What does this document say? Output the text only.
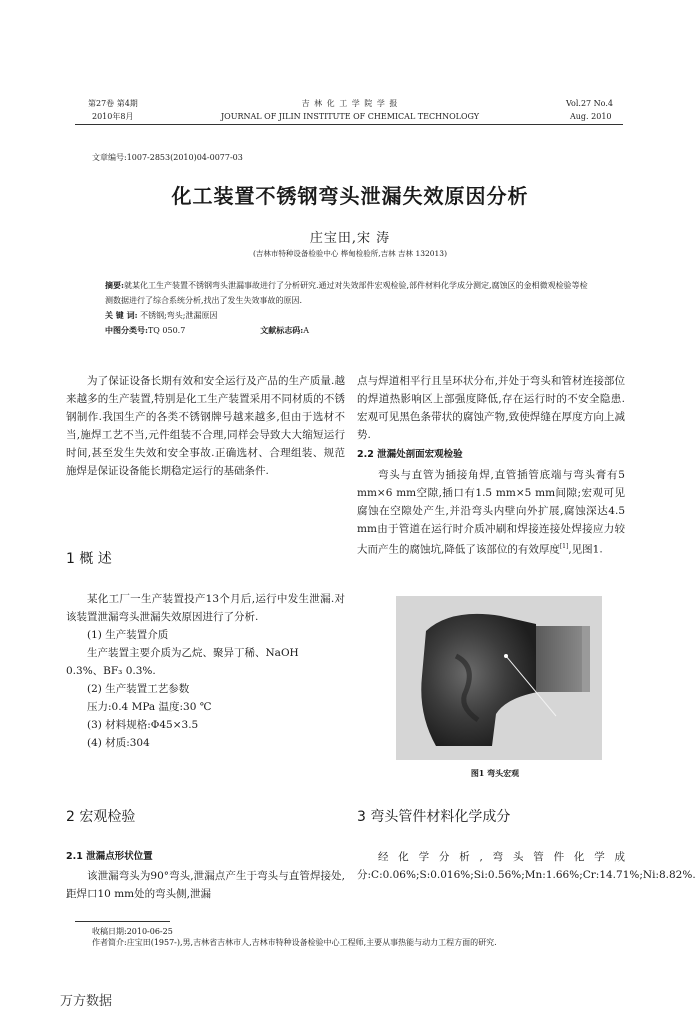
第27卷 第4期
2010年8月
吉 林 化 工 学 院 学 报
JOURNAL OF JILIN INSTITUTE OF CHEMICAL TECHNOLOGY
Vol.27 No.4
Aug. 2010
文章编号:1007-2853(2010)04-0077-03
化工装置不锈钢弯头泄漏失效原因分析
庄宝田,宋 涛
(吉林市特种设备检验中心 桦甸检验所,吉林 吉林 132013)
摘要:就某化工生产装置不锈钢弯头泄漏事故进行了分析研究.通过对失效部件宏观检验,部件材料化学成分测定,腐蚀区的金相微观检验等检测数据进行了综合系统分析,找出了发生失效事故的原因.
关 键 词: 不锈钢;弯头;泄漏原因
中图分类号:TQ 050.7	文献标志码:A

为了保证设备长期有效和安全运行及产品的生产质量.越来越多的生产装置,特别是化工生产装置采用不同材质的不锈钢制作.我国生产的各类不锈钢牌号越来越多,但由于选材不当,施焊工艺不当,元件组装不合理,同样会导致大大缩短运行时间,甚至发生失效和安全事故.正确选材、合理组装、规范施焊是保证设备能长期稳定运行的基础条件.

1 概 述

某化工厂一生产装置投产13个月后,运行中发生泄漏.对该装置泄漏弯头泄漏失效原因进行了分析.

(1) 生产装置介质

生产装置主要介质为乙烷、聚异丁稀、NaOH

0.3%、BF₃ 0.3%.

(2) 生产装置工艺参数

压力:0.4 MPa 温度:30 ℃

(3) 材料规格:Φ45×3.5

(4) 材质:304

2 宏观检验
2.1 泄漏点形状位置

该泄漏弯头为90°弯头,泄漏点产生于弯头与直管焊接处,距焊口10 mm处的弯头侧,泄漏

点与焊道相平行且呈环状分布,并处于弯头和管材连接部位的焊道热影响区上部强度降低,存在运行时的不安全隐患.宏观可见黑色条带状的腐蚀产物,致使焊缝在厚度方向上减势.

2.2 泄漏处剖面宏观检验

弯头与直管为插接角焊,直管插管底端与弯头膏有5 mm×6 mm空隙,插口有1.5 mm×5 mm间隙;宏观可见腐蚀在空隙处产生,并沿弯头内壁向外扩展,腐蚀深达4.5 mm由于管道在运行时介质冲刷和焊接连接处焊接应力较大而产生的腐蚀坑,降低了该部位的有效厚度[1],见图1.

图1 弯头宏观
3 弯头管件材料化学成分

经化学分析,弯头管件化学成分:C:0.06%;S:0.016%;Si:0.56%;Mn:1.66%;Cr:14.71%;Ni:8.82%.

收稿日期:2010-06-25
作者简介:庄宝田(1957-),男,吉林省吉林市人,吉林市特种设备检验中心工程师,主要从事热能与动力工程方面的研究.
万方数据
